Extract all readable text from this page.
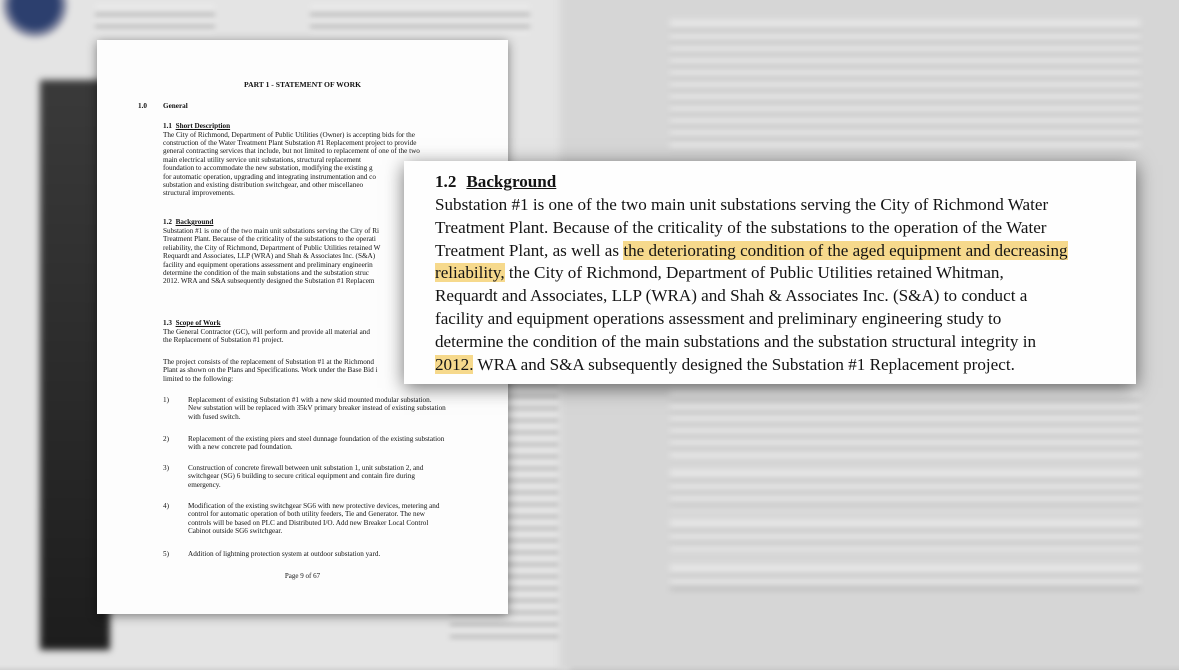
PART 1 - STATEMENT OF WORK
1.0 General
1.1 Short Description

The City of Richmond, Department of Public Utilities (Owner) is accepting bids for the

construction of the Water Treatment Plant Substation #1 Replacement project to provide

general contracting services that include, but not limited to replacement of one of the two

main electrical utility service unit substations, structural replacement

foundation to accommodate the new substation, modifying the existing g

for automatic operation, upgrading and integrating instrumentation and co

substation and existing distribution switchgear, and other miscellaneo

structural improvements.

1.2 Background

Substation #1 is one of the two main unit substations serving the City of Ri

Treatment Plant. Because of the criticality of the substations to the operati

reliability, the City of Richmond, Department of Public Utilities retained W

Requardt and Associates, LLP (WRA) and Shah & Associates Inc. (S&A)

facility and equipment operations assessment and preliminary engineerin

determine the condition of the main substations and the substation struc

2012. WRA and S&A subsequently designed the Substation #1 Replacem

1.3 Scope of Work

The General Contractor (GC), will perform and provide all material and

the Replacement of Substation #1 project.

The project consists of the replacement of Substation #1 at the Richmond

Plant as shown on the Plans and Specifications. Work under the Base Bid i

limited to the following:

1)	Replacement of existing Substation #1 with a new skid mounted modular substation.

New substation will be replaced with 35kV primary breaker instead of existing substation

with fused switch.

2)	Replacement of the existing piers and steel dunnage foundation of the existing substation

with a new concrete pad foundation.

3)	Construction of concrete firewall between unit substation 1, unit substation 2, and

switchgear (SG) 6 building to secure critical equipment and contain fire during

emergency.

4)	Modification of the existing switchgear SG6 with new protective devices, metering and

control for automatic operation of both utility feeders, Tie and Generator. The new

controls will be based on PLC and Distributed I/O. Add new Breaker Local Control

Cabinot outside SG6 switchgear.

5)	Addition of lightning protection system at outdoor substation yard.

Page 9 of 67
1.2 Background
Substation #1 is one of the two main unit substations serving the City of Richmond Water
Treatment Plant. Because of the criticality of the substations to the operation of the Water
Treatment Plant, as well as the deteriorating condition of the aged equipment and decreasing
reliability, the City of Richmond, Department of Public Utilities retained Whitman,
Requardt and Associates, LLP (WRA) and Shah & Associates Inc. (S&A) to conduct a
facility and equipment operations assessment and preliminary engineering study to
determine the condition of the main substations and the substation structural integrity in
2012. WRA and S&A subsequently designed the Substation #1 Replacement project.
